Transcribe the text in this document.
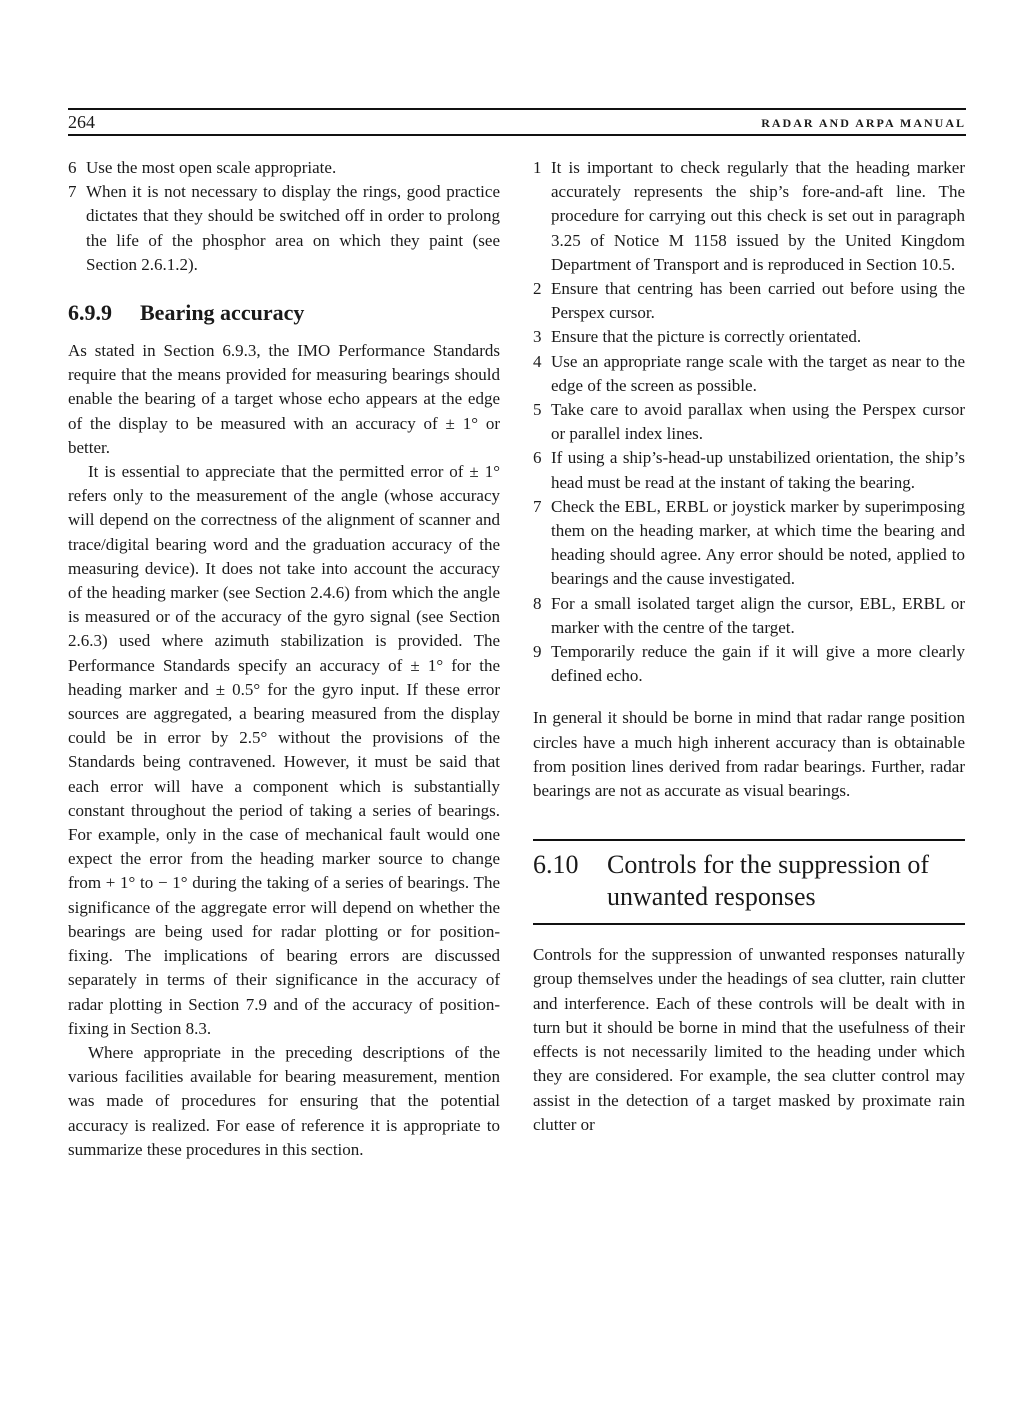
264	RADAR AND ARPA MANUAL
6 Use the most open scale appropriate.
7 When it is not necessary to display the rings, good practice dictates that they should be switched off in order to prolong the life of the phosphor area on which they paint (see Section 2.6.1.2).
6.9.9 Bearing accuracy

As stated in Section 6.9.3, the IMO Performance Standards require that the means provided for measuring bearings should enable the bearing of a target whose echo appears at the edge of the display to be measured with an accuracy of ± 1° or better.

It is essential to appreciate that the permitted error of ± 1° refers only to the measurement of the angle (whose accuracy will depend on the correctness of the alignment of scanner and trace/digital bearing word and the graduation accuracy of the measuring device). It does not take into account the accuracy of the heading marker (see Section 2.4.6) from which the angle is measured or of the accuracy of the gyro signal (see Section 2.6.3) used where azimuth stabilization is provided. The Performance Standards specify an accuracy of ± 1° for the heading marker and ± 0.5° for the gyro input. If these error sources are aggregated, a bearing measured from the display could be in error by 2.5° without the provisions of the Standards being contravened. However, it must be said that each error will have a component which is substantially constant throughout the period of taking a series of bearings. For example, only in the case of mechanical fault would one expect the error from the heading marker source to change from + 1° to − 1° during the taking of a series of bearings. The significance of the aggregate error will depend on whether the bearings are being used for radar plotting or for position-fixing. The implications of bearing errors are discussed separately in terms of their significance in the accuracy of radar plotting in Section 7.9 and of the accuracy of position-fixing in Section 8.3.

Where appropriate in the preceding descriptions of the various facilities available for bearing measurement, mention was made of procedures for ensuring that the potential accuracy is realized. For ease of reference it is appropriate to summarize these procedures in this section.

1 It is important to check regularly that the heading marker accurately represents the ship’s fore-and-aft line. The procedure for carrying out this check is set out in paragraph 3.25 of Notice M 1158 issued by the United Kingdom Department of Transport and is reproduced in Section 10.5.
2 Ensure that centring has been carried out before using the Perspex cursor.
3 Ensure that the picture is correctly orientated.
4 Use an appropriate range scale with the target as near to the edge of the screen as possible.
5 Take care to avoid parallax when using the Perspex cursor or parallel index lines.
6 If using a ship’s-head-up unstabilized orientation, the ship’s head must be read at the instant of taking the bearing.
7 Check the EBL, ERBL or joystick marker by superimposing them on the heading marker, at which time the bearing and heading should agree. Any error should be noted, applied to bearings and the cause investigated.
8 For a small isolated target align the cursor, EBL, ERBL or marker with the centre of the target.
9 Temporarily reduce the gain if it will give a more clearly defined echo.

In general it should be borne in mind that radar range position circles have a much high inherent accuracy than is obtainable from position lines derived from radar bearings. Further, radar bearings are not as accurate as visual bearings.

6.10	Controls for the suppression of unwanted responses

Controls for the suppression of unwanted responses naturally group themselves under the headings of sea clutter, rain clutter and interference. Each of these controls will be dealt with in turn but it should be borne in mind that the usefulness of their effects is not necessarily limited to the heading under which they are considered. For example, the sea clutter control may assist in the detection of a target masked by proximate rain clutter or
